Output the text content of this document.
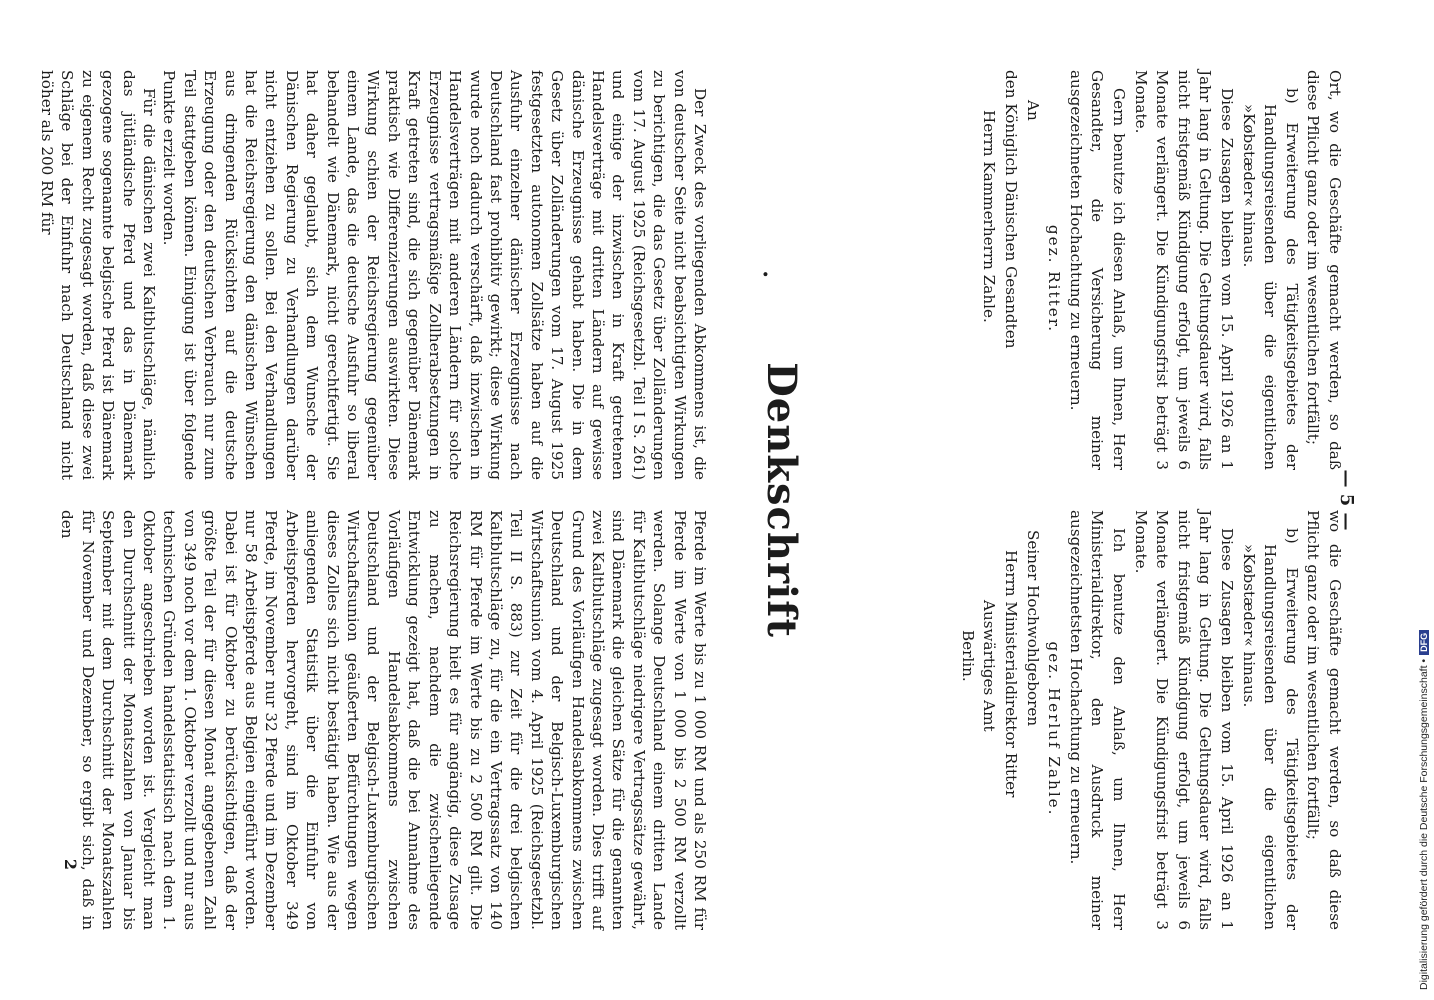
— 5 —

Ort, wo die Geschäfte gemacht werden, so daß diese Pflicht ganz oder im wesentlichen fortfällt;

b) Erweiterung des Tätigkeitsgebietes der Handlungsreisenden über die eigentlichen »Købstæder« hinaus.

Diese Zusagen bleiben vom 15. April 1926 an 1 Jahr lang in Geltung. Die Geltungsdauer wird, falls nicht fristgemäß Kündigung erfolgt, um jeweils 6 Monate verlängert. Die Kündigungsfrist beträgt 3 Monate.

Gern benutze ich diesen Anlaß, um Ihnen, Herr Gesandter, die Versicherung meiner ausgezeichneten Hochachtung zu erneuern.

gez. Ritter.

An

den Königlich Dänischen Gesandten

Herrn Kammerherrn Zahle.

wo die Geschäfte gemacht werden, so daß diese Pflicht ganz oder im wesentlichen fortfällt;

b) Erweiterung des Tätigkeitsgebietes der Handlungsreisenden über die eigentlichen »Købstæder« hinaus.

Diese Zusagen bleiben vom 15. April 1926 an 1 Jahr lang in Geltung. Die Geltungsdauer wird, falls nicht fristgemäß Kündigung erfolgt, um jeweils 6 Monate verlängert. Die Kündigungsfrist beträgt 3 Monate.

Ich benutze den Anlaß, um Ihnen, Herr Ministerialdirektor, den Ausdruck meiner ausgezeichnetsten Hochachtung zu erneuern.

gez. Herluf Zahle.

Seiner Hochwohlgeboren

Herrn Ministerialdirektor Ritter

Auswärtiges Amt

Berlin.

Denkschrift
•

Der Zweck des vorliegenden Abkommens ist, die von deutscher Seite nicht beabsichtigten Wirkungen zu berichtigen, die das Gesetz über Zolländerungen vom 17. August 1925 (Reichsgesetzbl. Teil I S. 261) und einige der inzwischen in Kraft getretenen Handelsverträge mit dritten Ländern auf gewisse dänische Erzeugnisse gehabt haben. Die in dem Gesetz über Zolländerungen vom 17. August 1925 festgesetzten autonomen Zollsätze haben auf die Ausfuhr einzelner dänischer Erzeugnisse nach Deutschland fast prohibitiv gewirkt; diese Wirkung wurde noch dadurch verschärft, daß inzwischen in Handelsverträgen mit anderen Ländern für solche Erzeugnisse vertragsmäßige Zollherabsetzungen in Kraft getreten sind, die sich gegenüber Dänemark praktisch wie Differenzierungen auswirkten. Diese Wirkung schien der Reichsregierung gegenüber einem Lande, das die deutsche Ausfuhr so liberal behandelt wie Dänemark, nicht gerechtfertigt. Sie hat daher geglaubt, sich dem Wunsche der Dänischen Regierung zu Verhandlungen darüber nicht entziehen zu sollen. Bei den Verhandlungen hat die Reichsregierung den dänischen Wünschen aus dringenden Rücksichten auf die deutsche Erzeugung oder den deutschen Verbrauch nur zum Teil stattgeben können. Einigung ist über folgende Punkte erzielt worden.

Für die dänischen zwei Kaltblutschläge, nämlich das jütländische Pferd und das in Dänemark gezogene sogenannte belgische Pferd ist Dänemark zu eigenem Recht zugesagt worden, daß diese zwei Schläge bei der Einfuhr nach Deutschland nicht höher als 200 RM für

Pferde im Werte bis zu 1 000 RM und als 250 RM für Pferde im Werte von 1 000 bis 2 500 RM verzollt werden. Solange Deutschland einem dritten Lande für Kaltblutschläge niedrigere Vertragssätze gewährt, sind Dänemark die gleichen Sätze für die genannten zwei Kaltblutschläge zugesagt worden. Dies trifft auf Grund des Vorläufigen Handelsabkommens zwischen Deutschland und der Belgisch-Luxemburgischen Wirtschaftsunion vom 4. April 1925 (Reichsgesetzbl. Teil II S. 883) zur Zeit für die drei belgischen Kaltblutschläge zu, für die ein Vertragssatz von 140 RM für Pferde im Werte bis zu 2 500 RM gilt. Die Reichsregierung hielt es für angängig, diese Zusage zu machen, nachdem die zwischenliegende Entwicklung gezeigt hat, daß die bei Annahme des Vorläufigen Handelsabkommens zwischen Deutschland und der Belgisch-Luxemburgischen Wirtschaftsunion geäußerten Befürchtungen wegen dieses Zolles sich nicht bestätigt haben. Wie aus der anliegenden Statistik über die Einfuhr von Arbeitspferden hervorgeht, sind im Oktober 349 Pferde, im November nur 32 Pferde und im Dezember nur 58 Arbeitspferde aus Belgien eingeführt worden. Dabei ist für Oktober zu berücksichtigen, daß der größte Teil der für diesen Monat angegebenen Zahl von 349 noch vor dem 1. Oktober verzollt und nur aus technischen Gründen handelsstatistisch nach dem 1. Oktober angeschrieben worden ist. Vergleicht man den Durchschnitt der Monatszahlen von Januar bis September mit dem Durchschnitt der Monatszahlen für November und Dezember, so ergibt sich, daß in den

2	Digitalisierung gefördert durch die Deutsche Forschungsgemeinschaft •DFG
